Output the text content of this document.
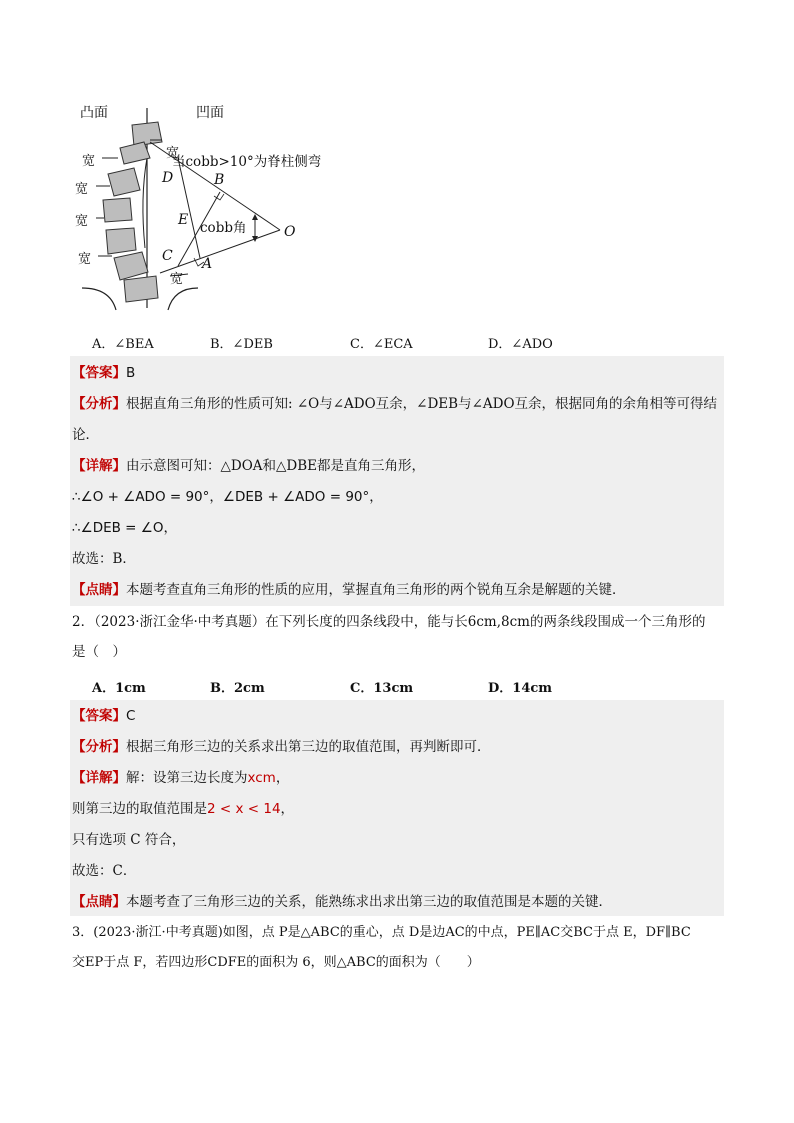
凸面	凹面
宽
当cobb>10°为脊柱侧弯
宽
宽
宽
宽
宽
D	B
E cobb角	O
C A
A．∠BEA	B．∠DEB	C．∠ECA	D．∠ADO
【答案】B
【分析】根据直角三角形的性质可知: ∠O与∠ADO互余，∠DEB与∠ADO互余，根据同角的余角相等可得结
论．
【详解】由示意图可知：△DOA和△DBE都是直角三角形，
∴∠O + ∠ADO = 90°，∠DEB + ∠ADO = 90°，
∴∠DEB = ∠O，
故选：B．
【点睛】本题考查直角三角形的性质的应用，掌握直角三角形的两个锐角互余是解题的关键．
2．（2023·浙江金华·中考真题）在下列长度的四条线段中，能与长6cm,8cm的两条线段围成一个三角形的
是（　）
A．1cm	B．2cm	C．13cm	D．14cm
【答案】C
【分析】根据三角形三边的关系求出第三边的取值范围，再判断即可．
【详解】解：设第三边长度为xcm，
则第三边的取值范围是2 < x < 14，
只有选项 C 符合，
故选：C．
【点睛】本题考查了三角形三边的关系，能熟练求出求出第三边的取值范围是本题的关键．
3．(2023·浙江·中考真题)如图，点 P是△ABC的重心，点 D是边AC的中点，PE∥AC交BC于点 E，DF∥BC
交EP于点 F，若四边形CDFE的面积为 6，则△ABC的面积为（　　）
